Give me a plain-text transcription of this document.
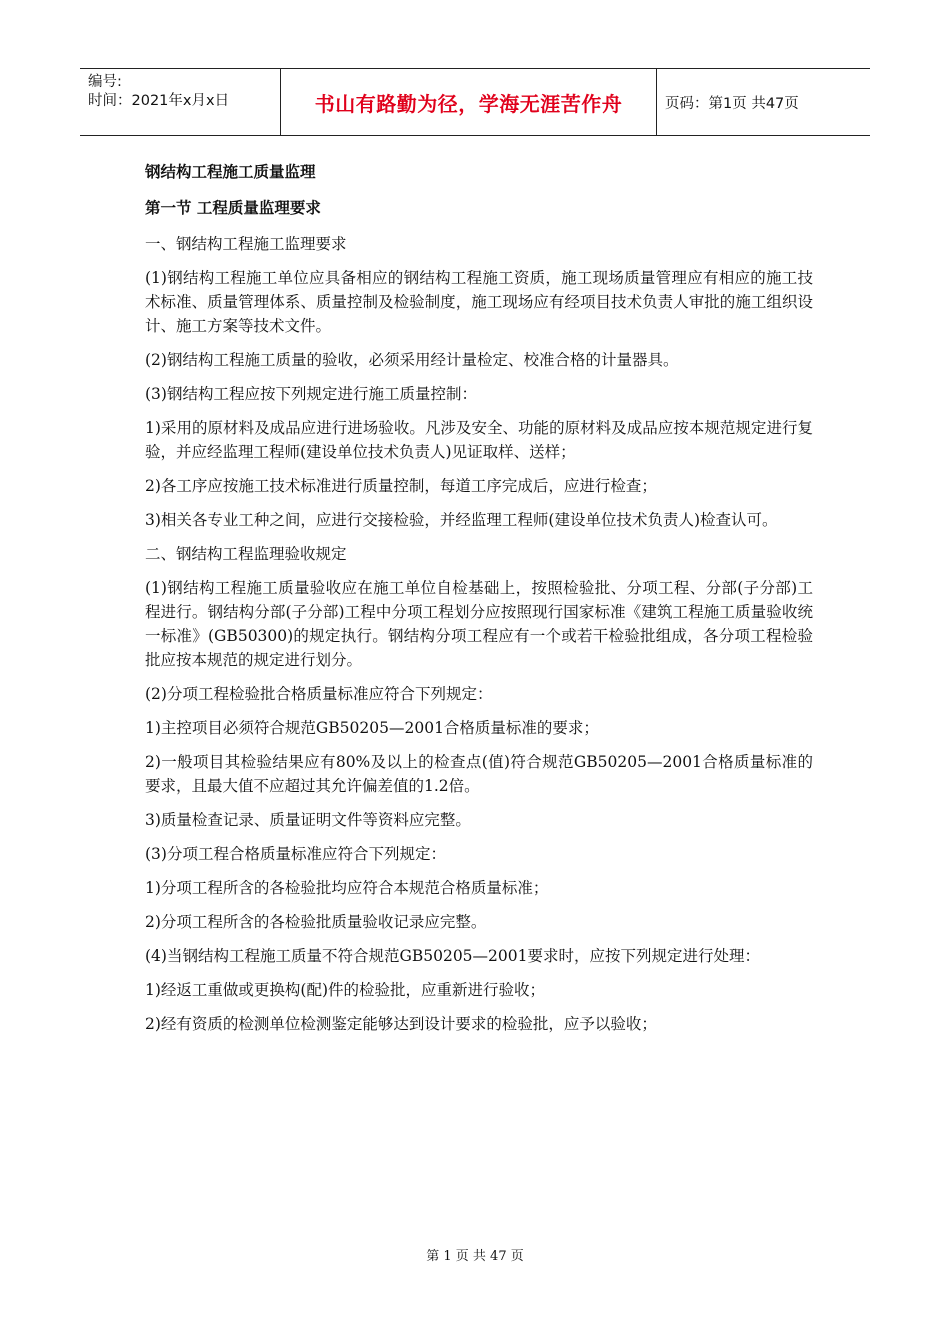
编号:
时间：2021年x月x日	书山有路勤为径，学海无涯苦作舟	页码：第1页 共47页
钢结构工程施工质量监理
第一节 工程质量监理要求

一、钢结构工程施工监理要求

(1)钢结构工程施工单位应具备相应的钢结构工程施工资质，施工现场质量管理应有相应的施工技术标准、质量管理体系、质量控制及检验制度，施工现场应有经项目技术负责人审批的施工组织设计、施工方案等技术文件。

(2)钢结构工程施工质量的验收，必须采用经计量检定、校准合格的计量器具。

(3)钢结构工程应按下列规定进行施工质量控制：

1)采用的原材料及成品应进行进场验收。凡涉及安全、功能的原材料及成品应按本规范规定进行复验，并应经监理工程师(建设单位技术负责人)见证取样、送样；

2)各工序应按施工技术标准进行质量控制，每道工序完成后，应进行检查；

3)相关各专业工种之间，应进行交接检验，并经监理工程师(建设单位技术负责人)检查认可。

二、钢结构工程监理验收规定

(1)钢结构工程施工质量验收应在施工单位自检基础上，按照检验批、分项工程、分部(子分部)工程进行。钢结构分部(子分部)工程中分项工程划分应按照现行国家标准《建筑工程施工质量验收统一标准》(GB50300)的规定执行。钢结构分项工程应有一个或若干检验批组成，各分项工程检验批应按本规范的规定进行划分。

(2)分项工程检验批合格质量标准应符合下列规定：

1)主控项目必须符合规范GB50205—2001合格质量标准的要求；

2)一般项目其检验结果应有80%及以上的检查点(值)符合规范GB50205—2001合格质量标准的要求，且最大值不应超过其允许偏差值的1.2倍。

3)质量检查记录、质量证明文件等资料应完整。

(3)分项工程合格质量标准应符合下列规定：

1)分项工程所含的各检验批均应符合本规范合格质量标准；

2)分项工程所含的各检验批质量验收记录应完整。

(4)当钢结构工程施工质量不符合规范GB50205—2001要求时，应按下列规定进行处理：

1)经返工重做或更换构(配)件的检验批，应重新进行验收；

2)经有资质的检测单位检测鉴定能够达到设计要求的检验批，应予以验收；

第 1 页 共 47 页
